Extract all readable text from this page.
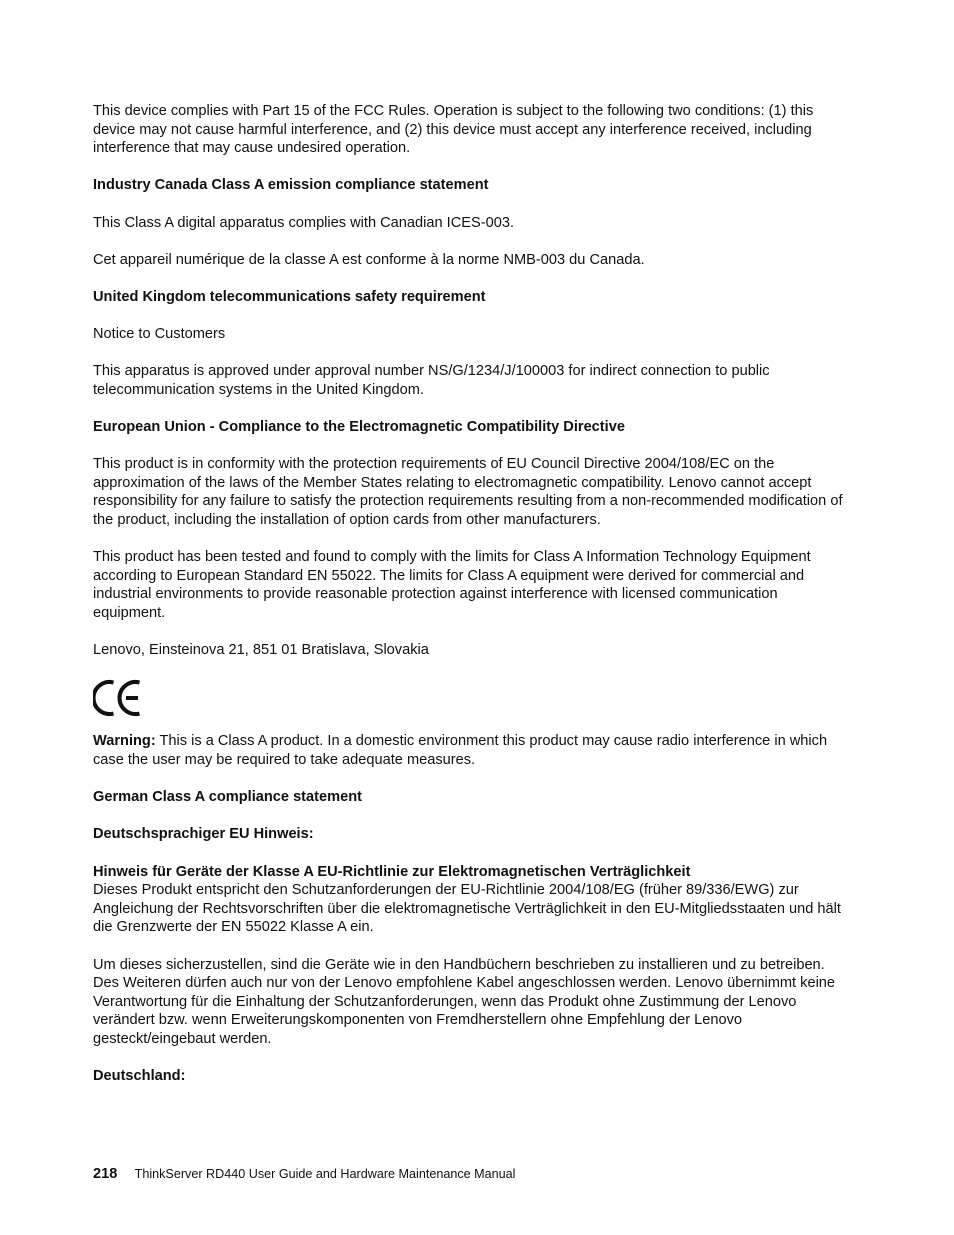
This device complies with Part 15 of the FCC Rules. Operation is subject to the following two conditions: (1) this device may not cause harmful interference, and (2) this device must accept any interference received, including interference that may cause undesired operation.

Industry Canada Class A emission compliance statement

This Class A digital apparatus complies with Canadian ICES-003.

Cet appareil numérique de la classe A est conforme à la norme NMB-003 du Canada.

United Kingdom telecommunications safety requirement

Notice to Customers

This apparatus is approved under approval number NS/G/1234/J/100003 for indirect connection to public telecommunication systems in the United Kingdom.

European Union - Compliance to the Electromagnetic Compatibility Directive

This product is in conformity with the protection requirements of EU Council Directive 2004/108/EC on the approximation of the laws of the Member States relating to electromagnetic compatibility. Lenovo cannot accept responsibility for any failure to satisfy the protection requirements resulting from a non-recommended modification of the product, including the installation of option cards from other manufacturers.

This product has been tested and found to comply with the limits for Class A Information Technology Equipment according to European Standard EN 55022. The limits for Class A equipment were derived for commercial and industrial environments to provide reasonable protection against interference with licensed communication equipment.

Lenovo, Einsteinova 21, 851 01 Bratislava, Slovakia

Warning: This is a Class A product. In a domestic environment this product may cause radio interference in which case the user may be required to take adequate measures.

German Class A compliance statement
Deutschsprachiger EU Hinweis:
Hinweis für Geräte der Klasse A EU-Richtlinie zur Elektromagnetischen Verträglichkeit

Dieses Produkt entspricht den Schutzanforderungen der EU-Richtlinie 2004/108/EG (früher 89/336/EWG) zur Angleichung der Rechtsvorschriften über die elektromagnetische Verträglichkeit in den EU-Mitgliedsstaaten und hält die Grenzwerte der EN 55022 Klasse A ein.

Um dieses sicherzustellen, sind die Geräte wie in den Handbüchern beschrieben zu installieren und zu betreiben. Des Weiteren dürfen auch nur von der Lenovo empfohlene Kabel angeschlossen werden. Lenovo übernimmt keine Verantwortung für die Einhaltung der Schutzanforderungen, wenn das Produkt ohne Zustimmung der Lenovo verändert bzw. wenn Erweiterungskomponenten von Fremdherstellern ohne Empfehlung der Lenovo gesteckt/eingebaut werden.

Deutschland:
218 ThinkServer RD440 User Guide and Hardware Maintenance Manual
